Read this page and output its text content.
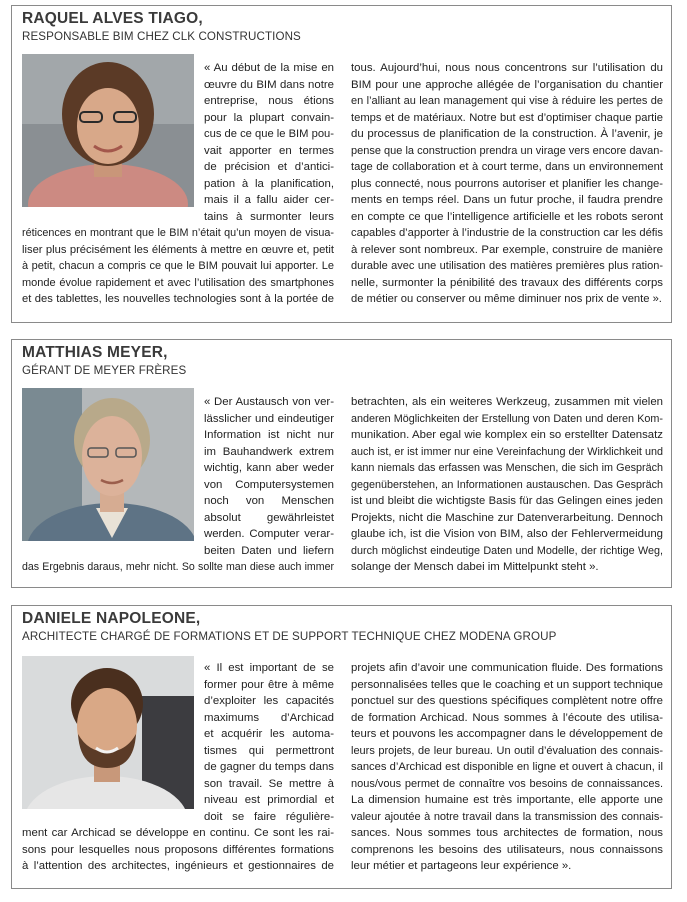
RAQUEL ALVES TIAGO,
RESPONSABLE BIM CHEZ CLK CONSTRUCTIONS

« Au début de la mise en

œuvre du BIM dans notre

entreprise, nous étions

pour la plupart convain-

cus de ce que le BIM pou-

vait apporter en termes

de précision et d’antici-

pation à la planification,

mais il a fallu aider cer-

tains à surmonter leurs

réticences en montrant que le BIM n’était qu’un moyen de visua-

liser plus précisément les éléments à mettre en œuvre et, petit

à petit, chacun a compris ce que le BIM pouvait lui apporter. Le

monde évolue rapidement et avec l’utilisation des smartphones

et des tablettes, les nouvelles technologies sont à la portée de

tous. Aujourd’hui, nous nous concentrons sur l’utilisation du

BIM pour une approche allégée de l’organisation du chantier

en l’alliant au lean management qui vise à réduire les pertes de

temps et de matériaux. Notre but est d’optimiser chaque partie

du processus de planification de la construction. À l’avenir, je

pense que la construction prendra un virage vers encore davan-

tage de collaboration et à court terme, dans un environnement

plus connecté, nous pourrons autoriser et planifier les change-

ments en temps réel. Dans un futur proche, il faudra prendre

en compte ce que l’intelligence artificielle et les robots seront

capables d’apporter à l’industrie de la construction car les défis

à relever sont nombreux. Par exemple, construire de manière

durable avec une utilisation des matières premières plus ration-

nelle, surmonter la pénibilité des travaux des différents corps

de métier ou conserver ou même diminuer nos prix de vente ».

MATTHIAS MEYER,
GÉRANT DE MEYER FRÈRES

« Der Austausch von ver-

lässlicher und eindeutiger

Information ist nicht nur

im Bauhandwerk extrem

wichtig, kann aber weder

von Computersystemen

noch von Menschen

absolut gewährleistet

werden. Computer verar-

beiten Daten und liefern

das Ergebnis daraus, mehr nicht. So sollte man diese auch immer

betrachten, als ein weiteres Werkzeug, zusammen mit vielen

anderen Möglichkeiten der Erstellung von Daten und deren Kom-

munikation. Aber egal wie komplex ein so erstellter Datensatz

auch ist, er ist immer nur eine Vereinfachung der Wirklichkeit und

kann niemals das erfassen was Menschen, die sich im Gespräch

gegenüberstehen, an Informationen austauschen. Das Gespräch

ist und bleibt die wichtigste Basis für das Gelingen eines jeden

Projekts, nicht die Maschine zur Datenverarbeitung. Dennoch

glaube ich, ist die Vision von BIM, also der Fehlervermeidung

durch möglichst eindeutige Daten und Modelle, der richtige Weg,

solange der Mensch dabei im Mittelpunkt steht ».

DANIELE NAPOLEONE,
ARCHITECTE CHARGÉ DE FORMATIONS ET DE SUPPORT TECHNIQUE CHEZ MODENA GROUP

« Il est important de se

former pour être à même

d’exploiter les capacités

maximums d’Archicad

et acquérir les automa-

tismes qui permettront

de gagner du temps dans

son travail. Se mettre à

niveau est primordial et

doit se faire régulière-

ment car Archicad se développe en continu. Ce sont les rai-

sons pour lesquelles nous proposons différentes formations

à l’attention des architectes, ingénieurs et gestionnaires de

projets afin d’avoir une communication fluide. Des formations

personnalisées telles que le coaching et un support technique

ponctuel sur des questions spécifiques complètent notre offre

de formation Archicad. Nous sommes à l’écoute des utilisa-

teurs et pouvons les accompagner dans le développement de

leurs projets, de leur bureau. Un outil d’évaluation des connais-

sances d’Archicad est disponible en ligne et ouvert à chacun, il

nous/vous permet de connaître vos besoins de connaissances.

La dimension humaine est très importante, elle apporte une

valeur ajoutée à notre travail dans la transmission des connais-

sances. Nous sommes tous architectes de formation, nous

comprenons les besoins des utilisateurs, nous connaissons

leur métier et partageons leur expérience ».
